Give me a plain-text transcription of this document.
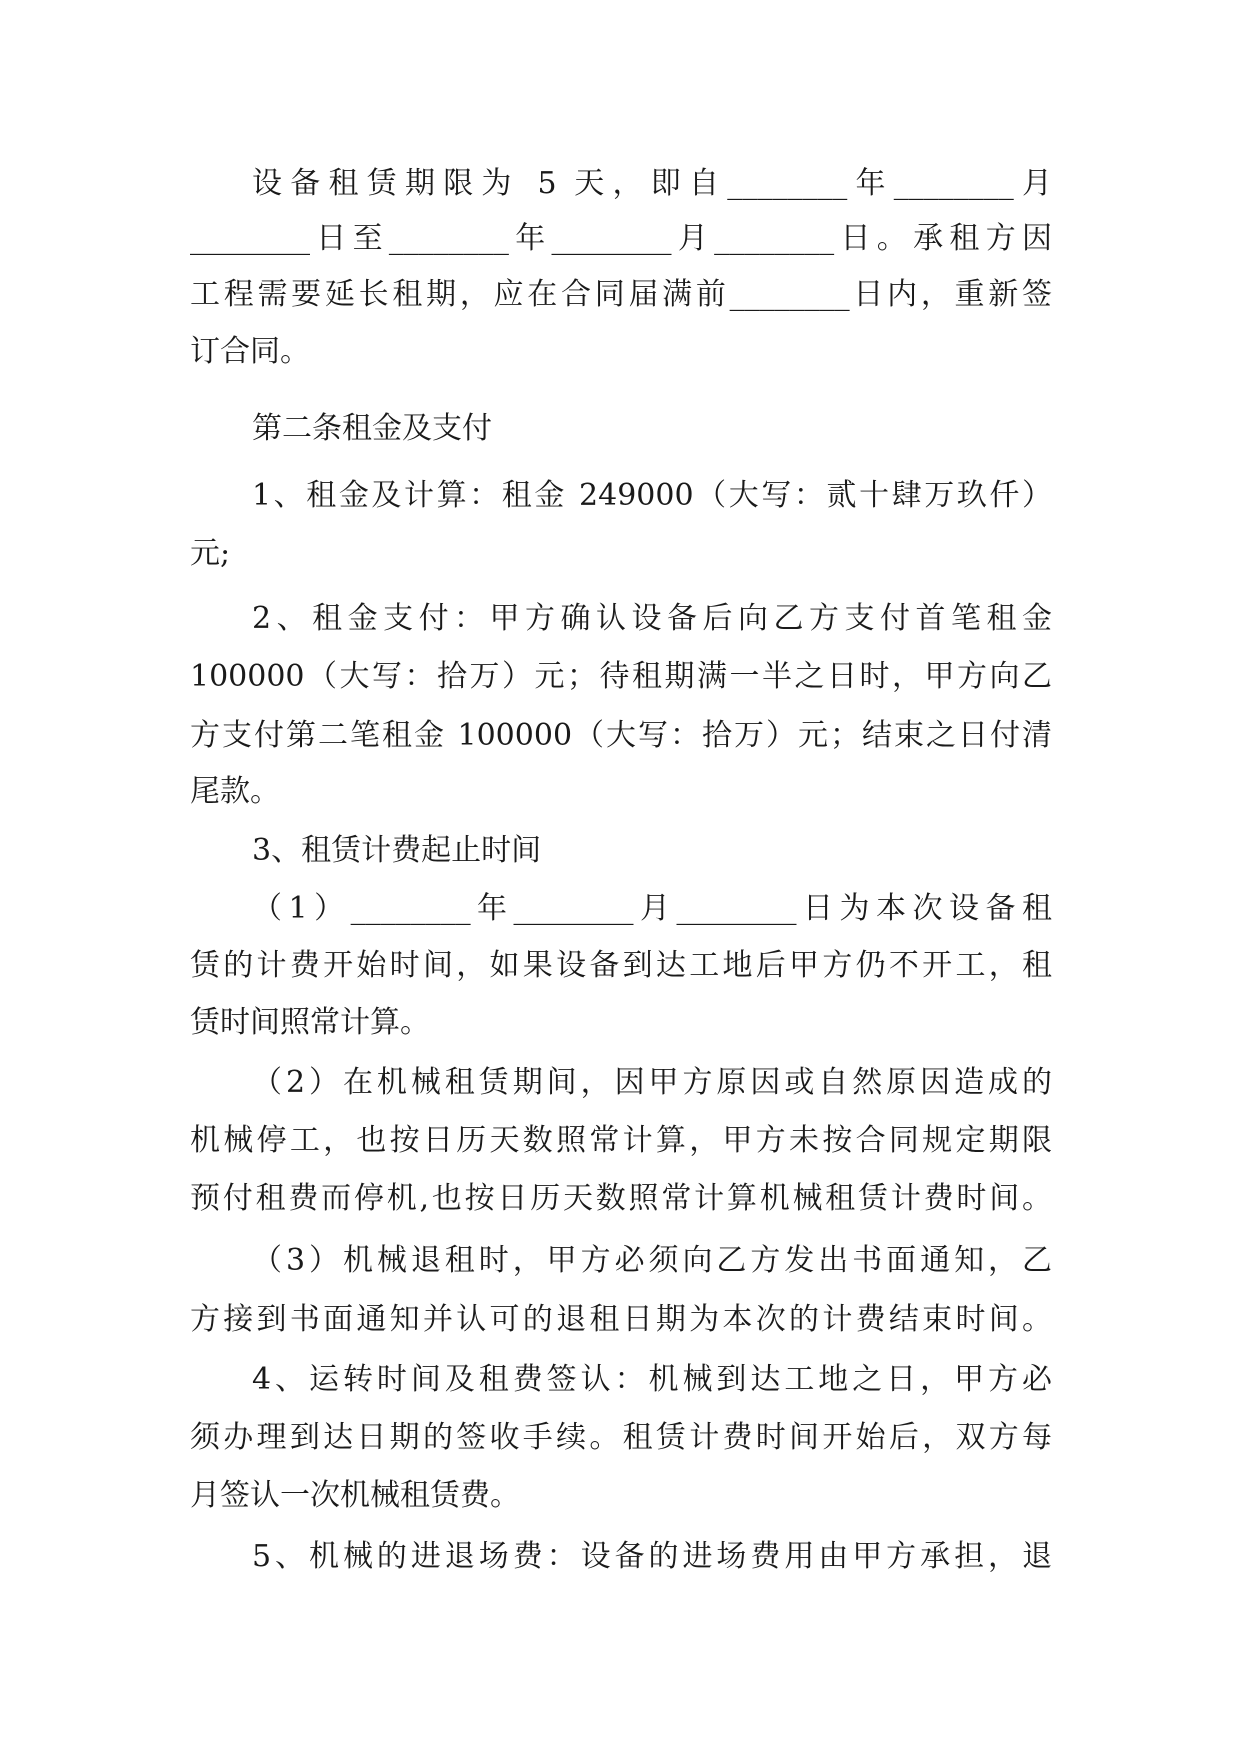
设备租赁期限为 5 天，即自________年________月

________日至________年________月________日。承租方因

工程需要延长租期，应在合同届满前________日内，重新签

订合同。

第二条租金及支付

1、租金及计算：租金 249000（大写：贰十肆万玖仟）

元;

2、租金支付：甲方确认设备后向乙方支付首笔租金

100000（大写：拾万）元；待租期满一半之日时，甲方向乙

方支付第二笔租金 100000（大写：拾万）元；结束之日付清

尾款。

3、租赁计费起止时间

（1）________年________月________日为本次设备租

赁的计费开始时间，如果设备到达工地后甲方仍不开工，租

赁时间照常计算。

（2）在机械租赁期间，因甲方原因或自然原因造成的

机械停工，也按日历天数照常计算，甲方未按合同规定期限

预付租费而停机,也按日历天数照常计算机械租赁计费时间。

（3）机械退租时，甲方必须向乙方发出书面通知，乙

方接到书面通知并认可的退租日期为本次的计费结束时间。

4、运转时间及租费签认：机械到达工地之日，甲方必

须办理到达日期的签收手续。租赁计费时间开始后，双方每

月签认一次机械租赁费。

5、机械的进退场费：设备的进场费用由甲方承担，退
